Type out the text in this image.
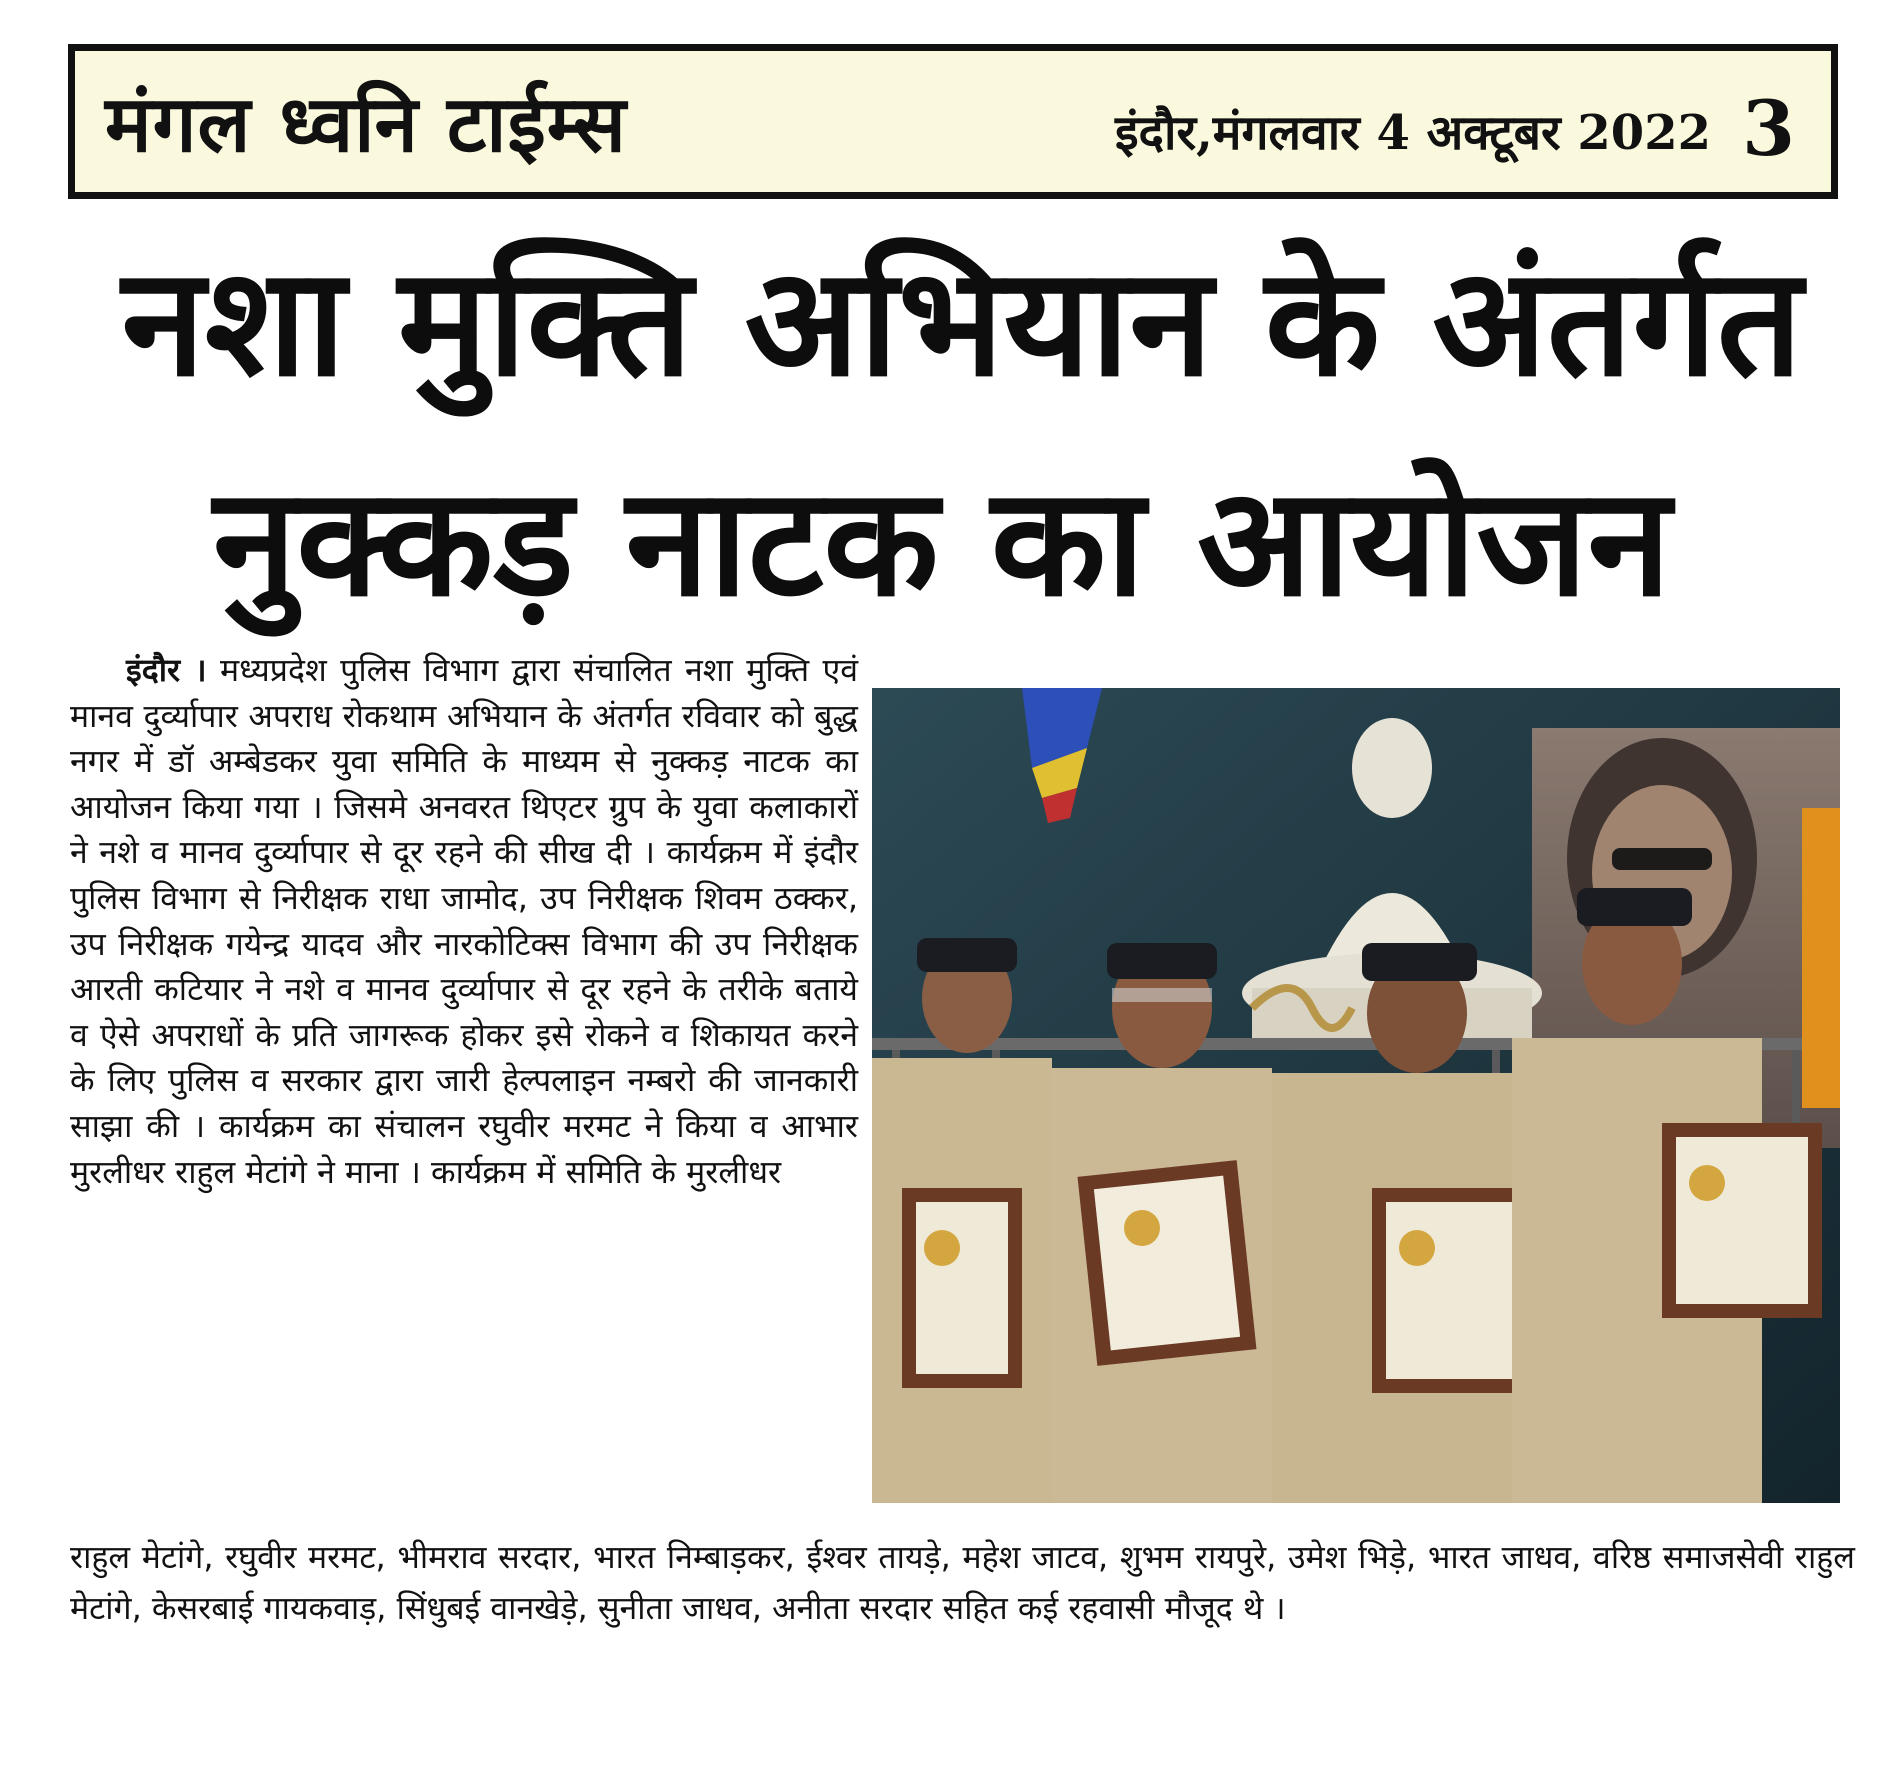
मंगल ध्वनि टाईम्स	इंदौर,मंगलवार 4 अक्टूबर 2022 3
नशा मुक्ति अभियान के अंतर्गत
नुक्कड़ नाटक का आयोजन

इंदौर । मध्यप्रदेश पुलिस विभाग द्वारा संचालित नशा मुक्ति एवं मानव दुर्व्यापार अपराध रोकथाम अभियान के अंतर्गत रविवार को बुद्ध नगर में डॉ अम्बेडकर युवा समिति के माध्यम से नुक्कड़ नाटक का आयोजन किया गया । जिसमे अनवरत थिएटर ग्रुप के युवा कलाकारों ने नशे व मानव दुर्व्यापार से दूर रहने की सीख दी । कार्यक्रम में इंदौर पुलिस विभाग से निरीक्षक राधा जामोद, उप निरीक्षक शिवम ठक्कर, उप निरीक्षक गयेन्द्र यादव और नारकोटिक्स विभाग की उप निरीक्षक आरती कटियार ने नशे व मानव दुर्व्यापार से दूर रहने के तरीके बताये व ऐसे अपराधों के प्रति जागरूक होकर इसे रोकने व शिकायत करने के लिए पुलिस व सरकार द्वारा जारी हेल्पलाइन नम्बरो की जानकारी साझा की । कार्यक्रम का संचालन रघुवीर मरमट ने किया व आभार मुरलीधर राहुल मेटांगे ने माना । कार्यक्रम में समिति के मुरलीधर

राहुल मेटांगे, रघुवीर मरमट, भीमराव सरदार, भारत निम्बाड़कर, ईश्वर तायड़े, महेश जाटव, शुभम रायपुरे, उमेश भिड़े, भारत जाधव, वरिष्ठ समाजसेवी राहुल मेटांगे, केसरबाई गायकवाड़, सिंधुबई वानखेड़े, सुनीता जाधव, अनीता सरदार सहित कई रहवासी मौजूद थे ।
